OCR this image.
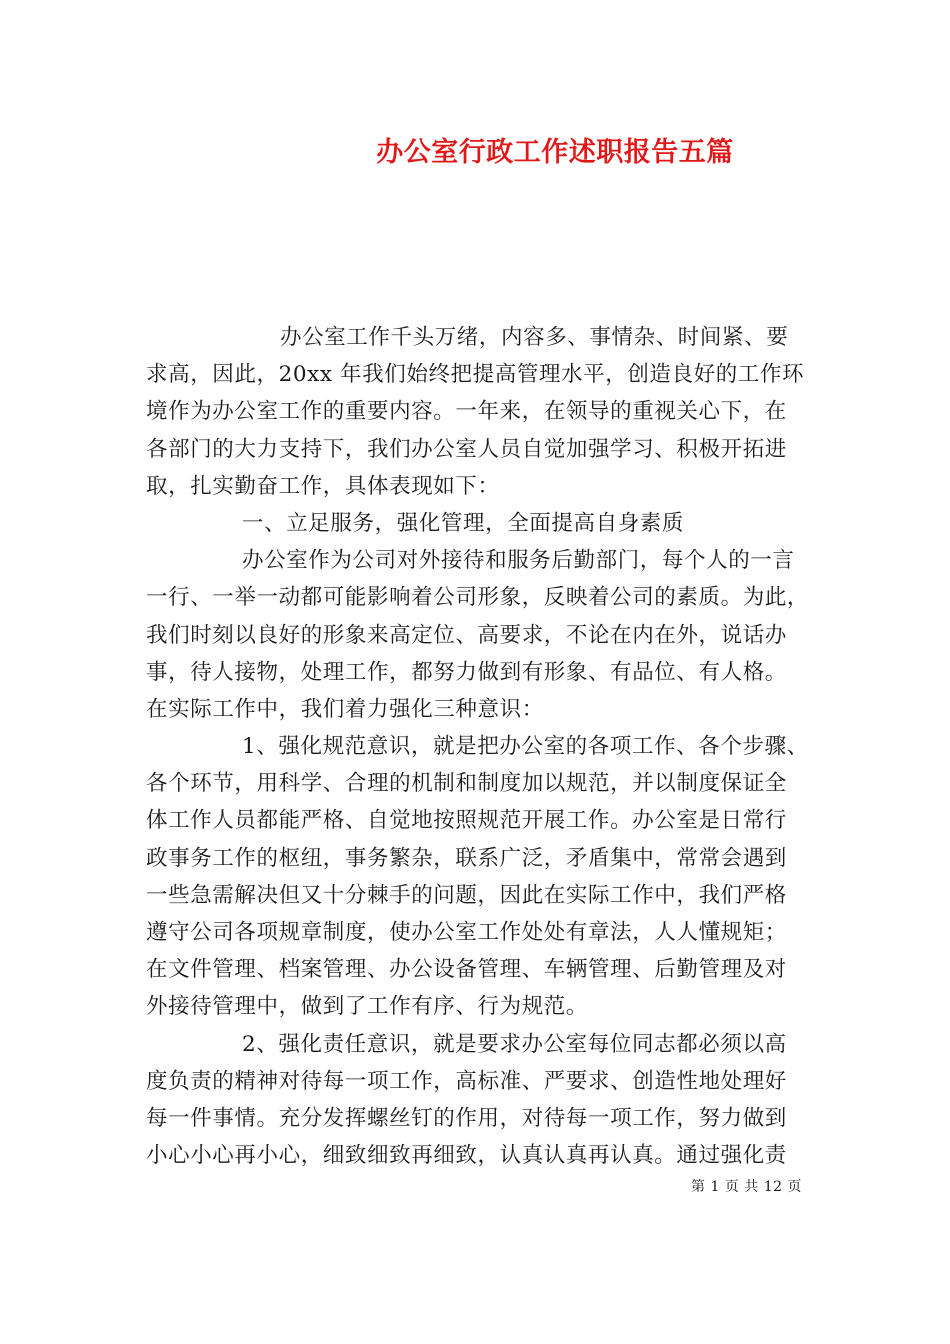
办公室行政工作述职报告五篇
办公室工作千头万绪，内容多、事情杂、时间紧、要
求高，因此，20xx 年我们始终把提高管理水平，创造良好的工作环
境作为办公室工作的重要内容。一年来，在领导的重视关心下，在
各部门的大力支持下，我们办公室人员自觉加强学习、积极开拓进
取，扎实勤奋工作，具体表现如下：
一、立足服务，强化管理，全面提高自身素质
办公室作为公司对外接待和服务后勤部门，每个人的一言
一行、一举一动都可能影响着公司形象，反映着公司的素质。为此，
我们时刻以良好的形象来高定位、高要求，不论在内在外，说话办
事，待人接物，处理工作，都努力做到有形象、有品位、有人格。
在实际工作中，我们着力强化三种意识：
1、强化规范意识，就是把办公室的各项工作、各个步骤、
各个环节，用科学、合理的机制和制度加以规范，并以制度保证全
体工作人员都能严格、自觉地按照规范开展工作。办公室是日常行
政事务工作的枢纽，事务繁杂，联系广泛，矛盾集中，常常会遇到
一些急需解决但又十分棘手的问题，因此在实际工作中，我们严格
遵守公司各项规章制度，使办公室工作处处有章法，人人懂规矩；
在文件管理、档案管理、办公设备管理、车辆管理、后勤管理及对
外接待管理中，做到了工作有序、行为规范。
2、强化责任意识，就是要求办公室每位同志都必须以高
度负责的精神对待每一项工作，高标准、严要求、创造性地处理好
每一件事情。充分发挥螺丝钉的作用，对待每一项工作，努力做到
小心小心再小心，细致细致再细致，认真认真再认真。通过强化责
第 1 页 共 12 页
